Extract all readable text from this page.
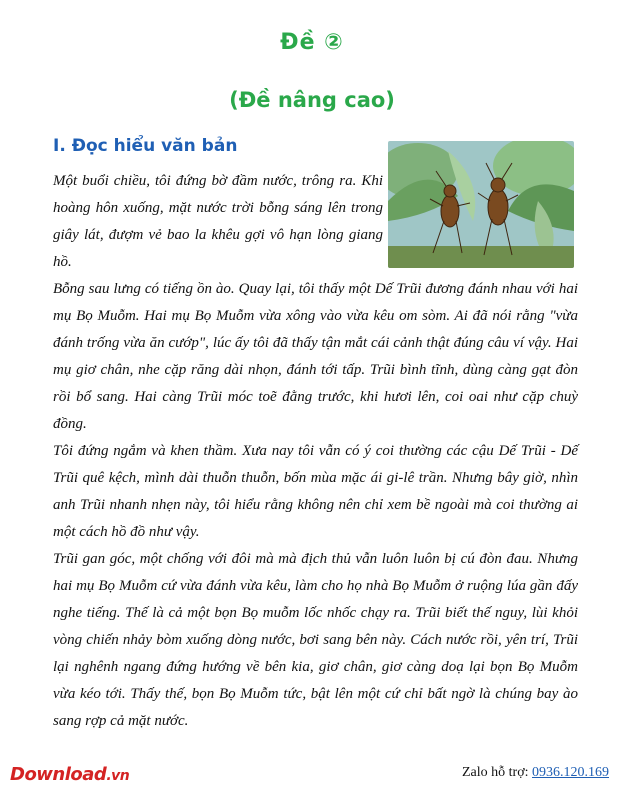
Đề ②
(Đề nâng cao)
I. Đọc hiểu văn bản

Một buổi chiều, tôi đứng bờ đầm nước, trông ra. Khi hoàng hôn xuống, mặt nước trời bỗng sáng lên trong giây lát, đượm vẻ bao la khêu gợi vô hạn lòng giang hồ.

Bỗng sau lưng có tiếng ồn ào. Quay lại, tôi thấy một Dế Trũi đương đánh nhau với hai mụ Bọ Muỗm. Hai mụ Bọ Muỗm vừa xông vào vừa kêu om sòm. Ai đã nói rằng "vừa đánh trống vừa ăn cướp", lúc ấy tôi đã thấy tận mắt cái cảnh thật đúng câu ví vậy. Hai mụ giơ chân, nhe cặp răng dài nhọn, đánh tới tấp. Trũi bình tĩnh, dùng càng gạt đòn rồi bổ sang. Hai càng Trũi móc toẽ đằng trước, khi hươi lên, coi oai như cặp chuỳ đồng.

Tôi đứng ngắm và khen thầm. Xưa nay tôi vẫn có ý coi thường các cậu Dế Trũi - Dế Trũi quê kệch, mình dài thuỗn thuỗn, bốn mùa mặc ái gi-lê trần. Nhưng bây giờ, nhìn anh Trũi nhanh nhẹn này, tôi hiểu rằng không nên chỉ xem bề ngoài mà coi thường ai một cách hồ đồ như vậy.

Trũi gan góc, một chống với đôi mà mà địch thủ vẫn luôn luôn bị cú đòn đau. Nhưng hai mụ Bọ Muỗm cứ vừa đánh vừa kêu, làm cho họ nhà Bọ Muỗm ở ruộng lúa gần đấy nghe tiếng. Thế là cả một bọn Bọ muỗm lốc nhốc chạy ra. Trũi biết thế nguy, lùi khỏi vòng chiến nhảy bòm xuống dòng nước, bơi sang bên này. Cách nước rồi, yên trí, Trũi lại nghênh ngang đứng hướng về bên kia, giơ chân, giơ càng doạ lại bọn Bọ Muỗm vừa kéo tới. Thấy thế, bọn Bọ Muỗm tức, bật lên một cứ chỉ bất ngờ là chúng bay ào sang rợp cả mặt nước.

Download.vn	Zalo hỗ trợ: 0936.120.169
